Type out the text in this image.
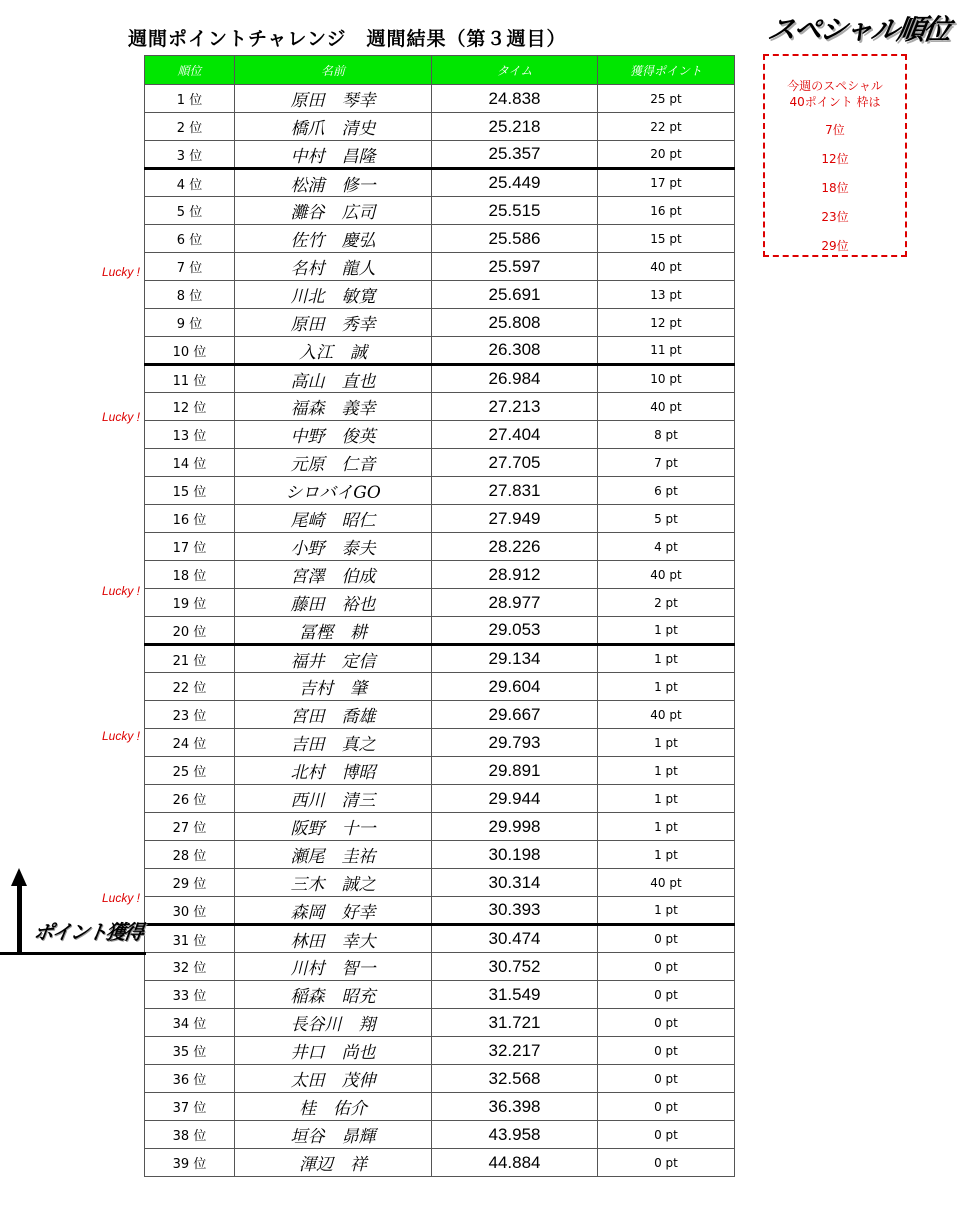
週間ポイントチャレンジ　週間結果（第３週目）
順位	名前	タイム	獲得ポイント
1 位	原田　琴幸	24.838	25 pt
2 位	橋爪　清史	25.218	22 pt
3 位	中村　昌隆	25.357	20 pt
4 位	松浦　修一	25.449	17 pt
5 位	灘谷　広司	25.515	16 pt
6 位	佐竹　慶弘	25.586	15 pt
7 位	名村　龍人	25.597	40 pt
8 位	川北　敏寛	25.691	13 pt
9 位	原田　秀幸	25.808	12 pt
10 位	入江　誠	26.308	11 pt
11 位	高山　直也	26.984	10 pt
12 位	福森　義幸	27.213	40 pt
13 位	中野　俊英	27.404	8 pt
14 位	元原　仁音	27.705	7 pt
15 位	シロバイGO	27.831	6 pt
16 位	尾崎　昭仁	27.949	5 pt
17 位	小野　泰夫	28.226	4 pt
18 位	宮澤　伯成	28.912	40 pt
19 位	藤田　裕也	28.977	2 pt
20 位	冨樫　耕	29.053	1 pt
21 位	福井　定信	29.134	1 pt
22 位	吉村　肇	29.604	1 pt
23 位	宮田　喬雄	29.667	40 pt
24 位	吉田　真之	29.793	1 pt
25 位	北村　博昭	29.891	1 pt
26 位	西川　清三	29.944	1 pt
27 位	阪野　十一	29.998	1 pt
28 位	瀬尾　圭祐	30.198	1 pt
29 位	三木　誠之	30.314	40 pt
30 位	森岡　好幸	30.393	1 pt
31 位	林田　幸大	30.474	0 pt
32 位	川村　智一	30.752	0 pt
33 位	稲森　昭充	31.549	0 pt
34 位	長谷川　翔	31.721	0 pt
35 位	井口　尚也	32.217	0 pt
36 位	太田　茂伸	32.568	0 pt
37 位	桂　佑介	36.398	0 pt
38 位	垣谷　昴輝	43.958	0 pt
39 位	渾辺　祥	44.884	0 pt
Lucky !
Lucky !
Lucky !
Lucky !
Lucky !
スペシャル順位
今週のスペシャル
40ポイント 枠は
7位
12位
18位
23位
29位
ポイント獲得
